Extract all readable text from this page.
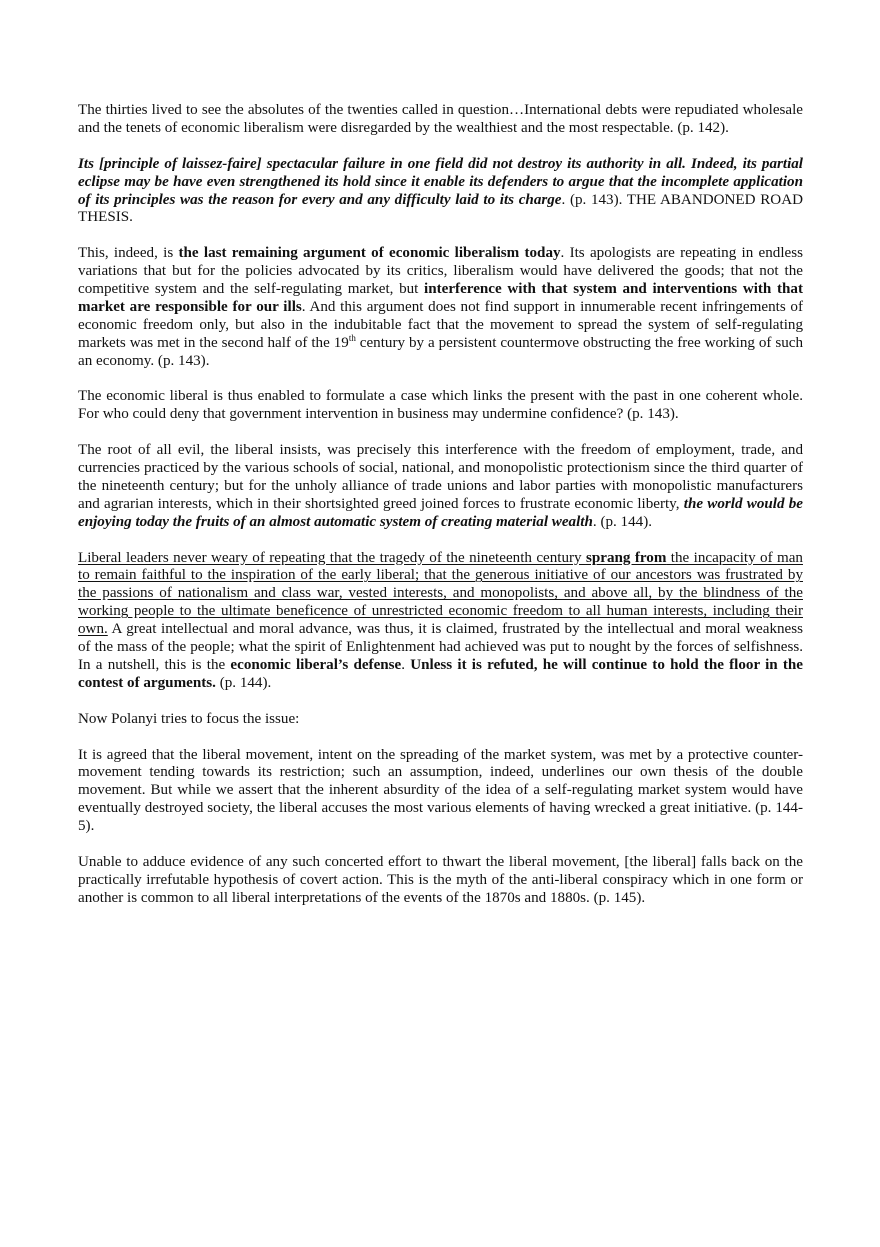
The thirties lived to see the absolutes of the twenties called in question…International debts were repudiated wholesale and the tenets of economic liberalism were disregarded by the wealthiest and the most respectable. (p. 142).

Its [principle of laissez-faire] spectacular failure in one field did not destroy its authority in all. Indeed, its partial eclipse may be have even strengthened its hold since it enable its defenders to argue that the incomplete application of its principles was the reason for every and any difficulty laid to its charge. (p. 143). THE ABANDONED ROAD THESIS.

This, indeed, is the last remaining argument of economic liberalism today. Its apologists are repeating in endless variations that but for the policies advocated by its critics, liberalism would have delivered the goods; that not the competitive system and the self-regulating market, but interference with that system and interventions with that market are responsible for our ills. And this argument does not find support in innumerable recent infringements of economic freedom only, but also in the indubitable fact that the movement to spread the system of self-regulating markets was met in the second half of the 19th century by a persistent countermove obstructing the free working of such an economy. (p. 143).

The economic liberal is thus enabled to formulate a case which links the present with the past in one coherent whole. For who could deny that government intervention in business may undermine confidence? (p. 143).

The root of all evil, the liberal insists, was precisely this interference with the freedom of employment, trade, and currencies practiced by the various schools of social, national, and monopolistic protectionism since the third quarter of the nineteenth century; but for the unholy alliance of trade unions and labor parties with monopolistic manufacturers and agrarian interests, which in their shortsighted greed joined forces to frustrate economic liberty, the world would be enjoying today the fruits of an almost automatic system of creating material wealth. (p. 144).

Liberal leaders never weary of repeating that the tragedy of the nineteenth century sprang from the incapacity of man to remain faithful to the inspiration of the early liberal; that the generous initiative of our ancestors was frustrated by the passions of nationalism and class war, vested interests, and monopolists, and above all, by the blindness of the working people to the ultimate beneficence of unrestricted economic freedom to all human interests, including their own. A great intellectual and moral advance, was thus, it is claimed, frustrated by the intellectual and moral weakness of the mass of the people; what the spirit of Enlightenment had achieved was put to nought by the forces of selfishness. In a nutshell, this is the economic liberal’s defense. Unless it is refuted, he will continue to hold the floor in the contest of arguments. (p. 144).

Now Polanyi tries to focus the issue:

It is agreed that the liberal movement, intent on the spreading of the market system, was met by a protective counter-movement tending towards its restriction; such an assumption, indeed, underlines our own thesis of the double movement. But while we assert that the inherent absurdity of the idea of a self-regulating market system would have eventually destroyed society, the liberal accuses the most various elements of having wrecked a great initiative. (p. 144-5).

Unable to adduce evidence of any such concerted effort to thwart the liberal movement, [the liberal] falls back on the practically irrefutable hypothesis of covert action. This is the myth of the anti-liberal conspiracy which in one form or another is common to all liberal interpretations of the events of the 1870s and 1880s. (p. 145).
